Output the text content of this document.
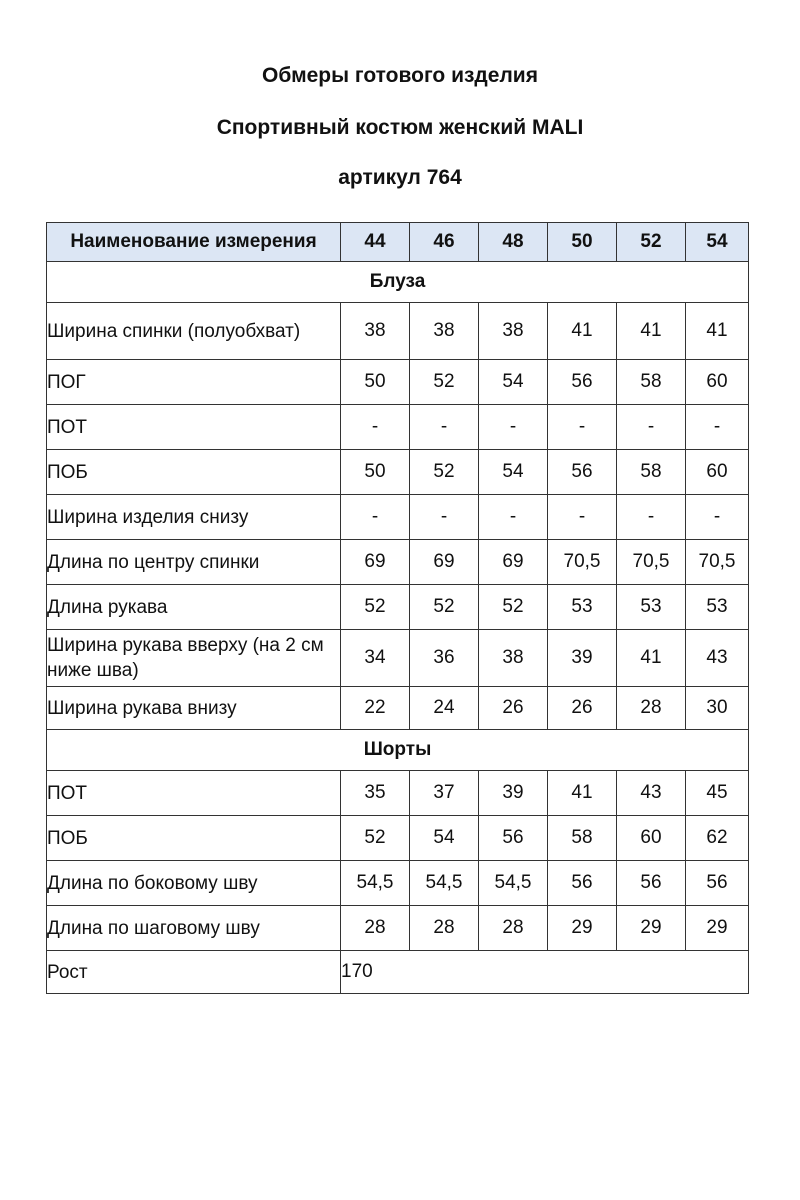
Обмеры готового изделия
Спортивный костюм женский MALI
артикул 764
Наименование измерения	44	46	48	50	52	54
Блуза						
Ширина спинки (полуобхват)	38	38	38	41	41	41
ПОГ	50	52	54	56	58	60
ПОТ	-	-	-	-	-	-
ПОБ	50	52	54	56	58	60
Ширина изделия снизу	-	-	-	-	-	-
Длина по центру спинки	69	69	69	70,5	70,5	70,5
Длина рукава	52	52	52	53	53	53
Ширина рукава вверху (на 2 см ниже шва)	34	36	38	39	41	43
Ширина рукава внизу	22	24	26	26	28	30
Шорты						
ПОТ	35	37	39	41	43	45
ПОБ	52	54	56	58	60	62
Длина по боковому шву	54,5	54,5	54,5	56	56	56
Длина по шаговому шву	28	28	28	29	29	29
Рост	170					
